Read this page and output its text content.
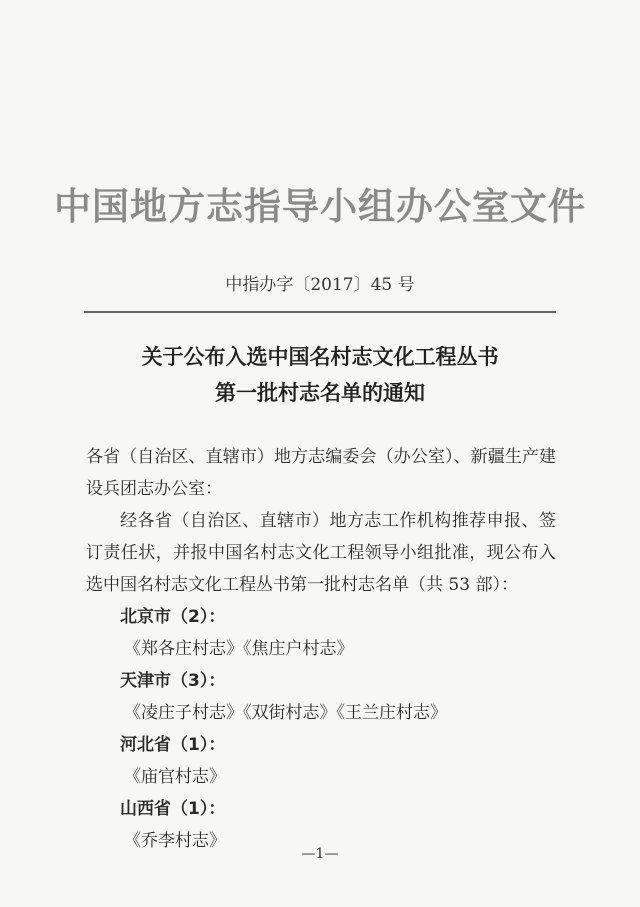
中国地方志指导小组办公室文件
中指办字〔2017〕45 号
关于公布入选中国名村志文化工程丛书
第一批村志名单的通知

各省（自治区、直辖市）地方志编委会（办公室）、新疆生产建设兵团志办公室：

经各省（自治区、直辖市）地方志工作机构推荐申报、签订责任状，并报中国名村志文化工程领导小组批准，现公布入选中国名村志文化工程丛书第一批村志名单（共 53 部）：

北京市（2）：
《郑各庄村志》《焦庄户村志》
天津市（3）：
《凌庄子村志》《双街村志》《王兰庄村志》
河北省（1）：
《庙官村志》
山西省（1）：
《乔李村志》
—1—
